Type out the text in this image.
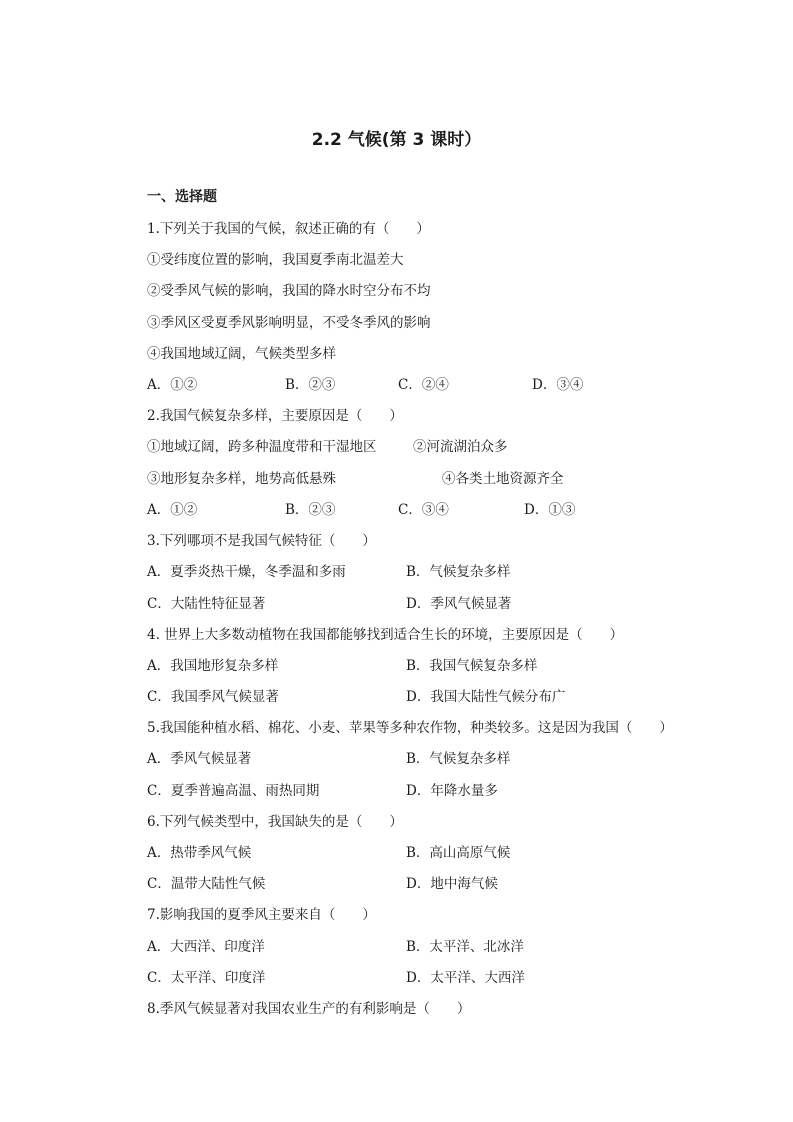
2.2 气候(第 3 课时）
一、选择题
1.下列关于我国的气候，叙述正确的有（　　）
①受纬度位置的影响，我国夏季南北温差大
②受季风气候的影响，我国的降水时空分布不均
③季风区受夏季风影响明显，不受冬季风的影响
④我国地域辽阔，气候类型多样
A．①②	B．②③	C．②④	D．③④
2.我国气候复杂多样，主要原因是（　　）
①地域辽阔，跨多种温度带和干湿地区	②河流湖泊众多
③地形复杂多样，地势高低悬殊	④各类土地资源齐全
A．①②	B．②③	C．③④	D．①③
3.下列哪项不是我国气候特征（　　）
A．夏季炎热干燥，冬季温和多雨	B．气候复杂多样
C．大陆性特征显著	D．季风气候显著
4. 世界上大多数动植物在我国都能够找到适合生长的环境，主要原因是（　　）
A．我国地形复杂多样	B．我国气候复杂多样
C．我国季风气候显著	D．我国大陆性气候分布广
5.我国能种植水稻、棉花、小麦、苹果等多种农作物，种类较多。这是因为我国（　　）
A．季风气候显著	B．气候复杂多样
C．夏季普遍高温、雨热同期	D．年降水量多
6.下列气候类型中，我国缺失的是（　　）
A．热带季风气候	B．高山高原气候
C．温带大陆性气候	D．地中海气候
7.影响我国的夏季风主要来自（　　）
A．大西洋、印度洋	B．太平洋、北冰洋
C．太平洋、印度洋	D．太平洋、大西洋
8.季风气候显著对我国农业生产的有利影响是（　　）
